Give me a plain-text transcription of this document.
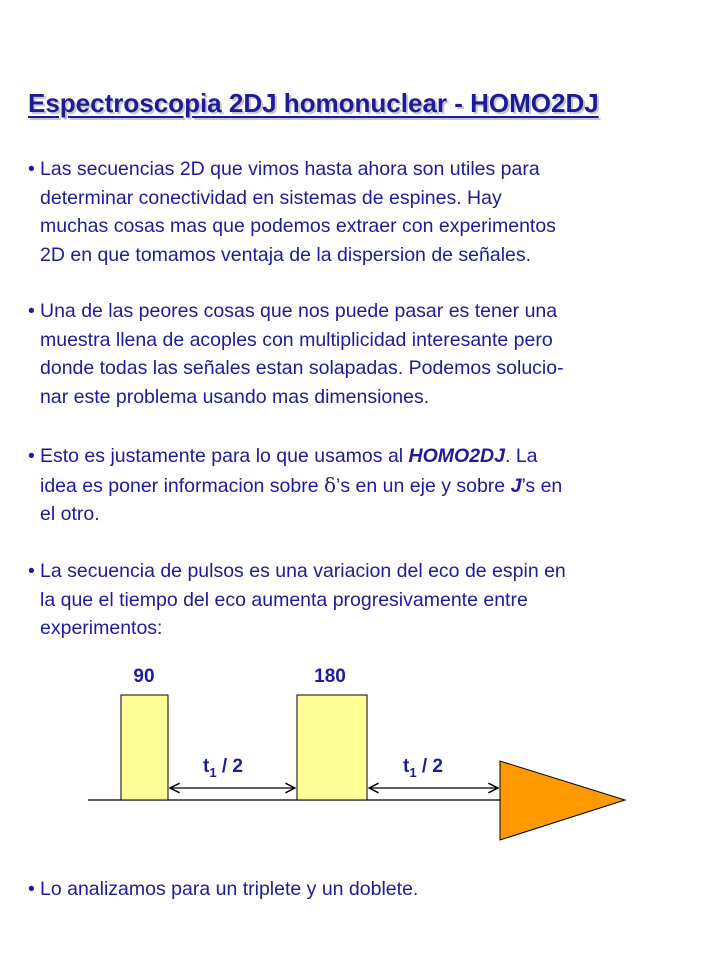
Espectroscopia 2DJ homonuclear - HOMO2DJ
• Las secuencias 2D que vimos hasta ahora son utiles para
determinar conectividad en sistemas de espines. Hay
muchas cosas mas que podemos extraer con experimentos
2D en que tomamos ventaja de la dispersion de señales.
• Una de las peores cosas que nos puede pasar es tener una
muestra llena de acoples con multiplicidad interesante pero
donde todas las señales estan solapadas. Podemos solucio-
nar este problema usando mas dimensiones.
• Esto es justamente para lo que usamos al HOMO2DJ. La
idea es poner informacion sobre δ’s en un eje y sobre J’s en
el otro.
• La secuencia de pulsos es una variacion del eco de espin en
la que el tiempo del eco aumenta progresivamente entre
experimentos:
90	180
$t_1 / 2$	$t_1 / 2$
• Lo analizamos para un triplete y un doblete.
